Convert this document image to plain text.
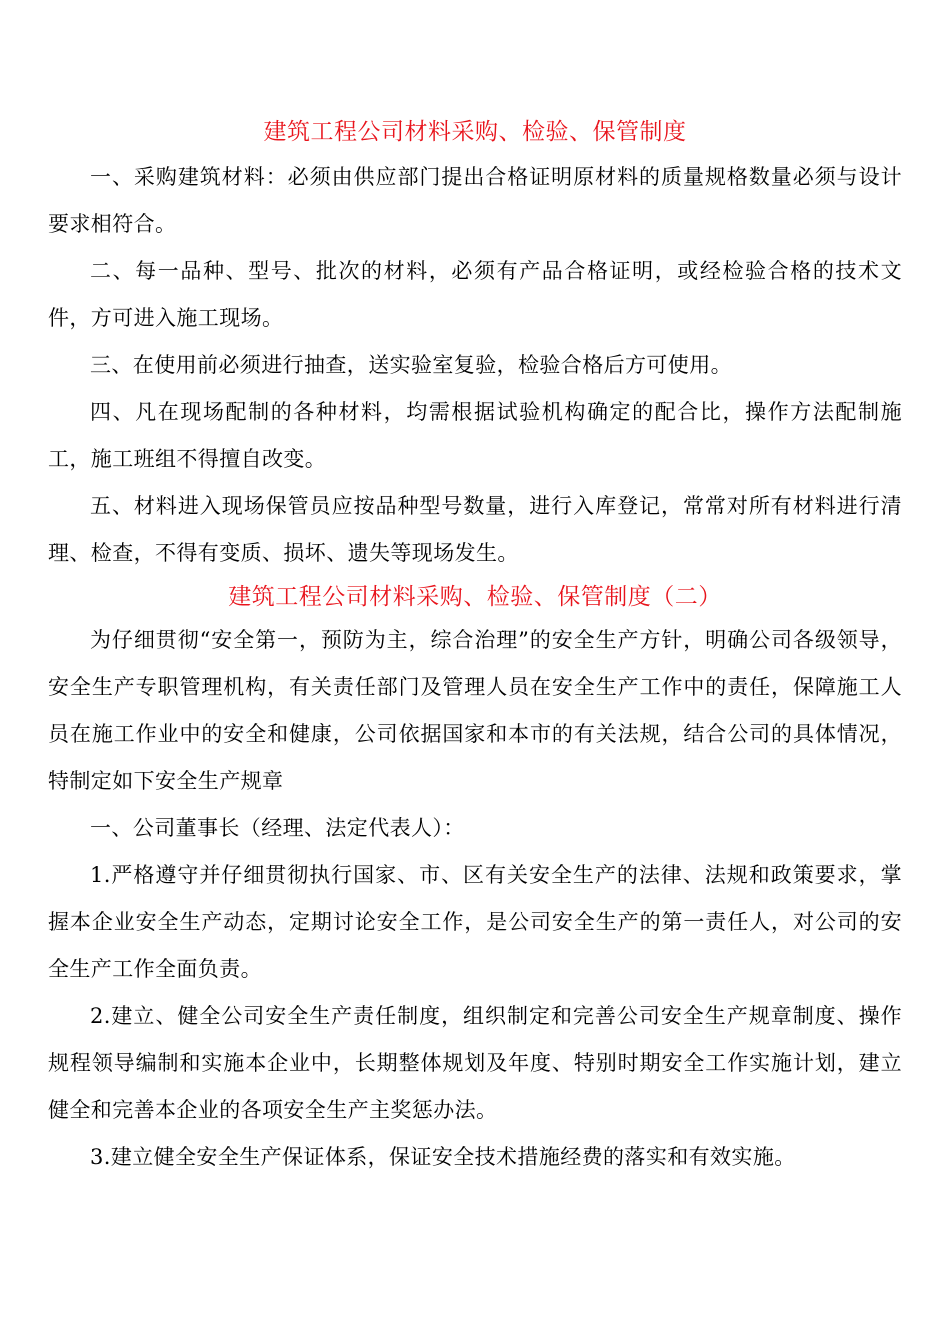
建筑工程公司材料采购、检验、保管制度

一、采购建筑材料：必须由供应部门提出合格证明原材料的质量规格数量必须与设计要求相符合。

二、每一品种、型号、批次的材料，必须有产品合格证明，或经检验合格的技术文件，方可进入施工现场。

三、在使用前必须进行抽查，送实验室复验，检验合格后方可使用。

四、凡在现场配制的各种材料，均需根据试验机构确定的配合比，操作方法配制施工，施工班组不得擅自改变。

五、材料进入现场保管员应按品种型号数量，进行入库登记，常常对所有材料进行清理、检查，不得有变质、损坏、遗失等现场发生。

建筑工程公司材料采购、检验、保管制度（二）

为仔细贯彻“安全第一，预防为主，综合治理”的安全生产方针，明确公司各级领导，安全生产专职管理机构，有关责任部门及管理人员在安全生产工作中的责任，保障施工人员在施工作业中的安全和健康，公司依据国家和本市的有关法规，结合公司的具体情况，特制定如下安全生产规章

一、公司董事长（经理、法定代表人）：

1.严格遵守并仔细贯彻执行国家、市、区有关安全生产的法律、法规和政策要求，掌握本企业安全生产动态，定期讨论安全工作，是公司安全生产的第一责任人，对公司的安全生产工作全面负责。

2.建立、健全公司安全生产责任制度，组织制定和完善公司安全生产规章制度、操作规程领导编制和实施本企业中，长期整体规划及年度、特别时期安全工作实施计划，建立健全和完善本企业的各项安全生产主奖惩办法。

3.建立健全安全生产保证体系，保证安全技术措施经费的落实和有效实施。
